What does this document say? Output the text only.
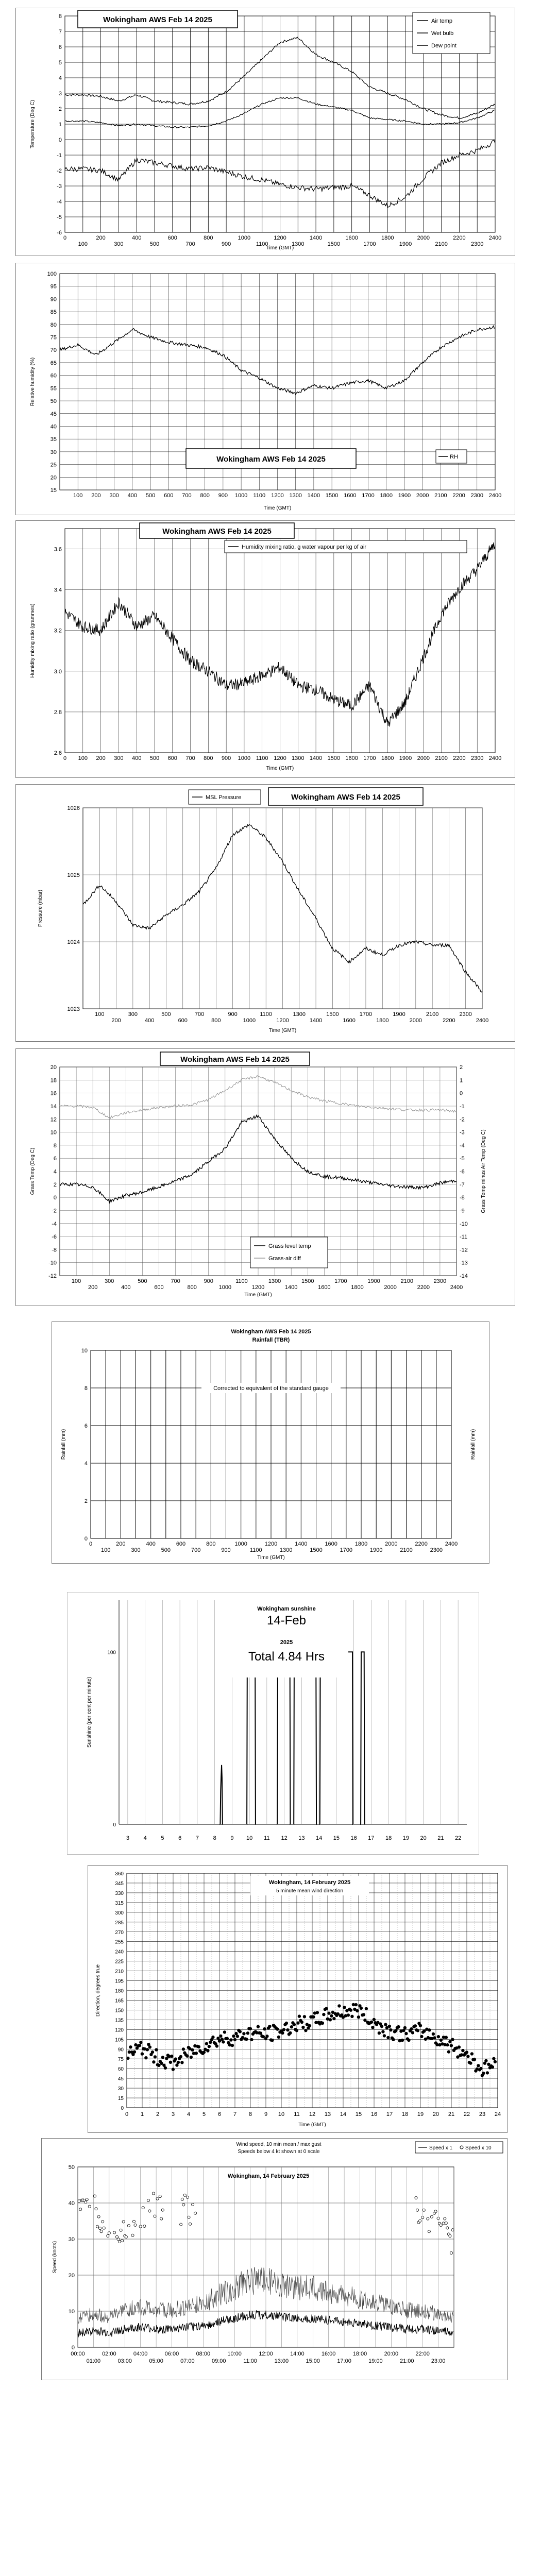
0
100
200
300
400
500
600
700
800
900
1000
1100
1200
1300
1400
1500
1600
1700
1800
1900
2000
2100
2200
2300
2400
-6
-5
-4
-3
-2
-1
0
1
2
3
4
5
6
7
8
Time (GMT)
Temperature (Deg C)
Wokingham AWS Feb 14 2025	Air temp
Wet bulb
Dew point
100 200 300 400 500 600 700 800 900 1000 1100 1200 1300 1400 1500 1600 1700 1800 1900 2000 2100 2200 2300 2400
15
20
25
30
35
40
45
50
55
60
65
70
75
80
85
90
95
100
Time (GMT)
Relative humidity (%)
Wokingham AWS Feb 14 2025	RH
0 100 200 300 400 500 600 700 800 900 1000 1100 1200 1300 1400 1500 1600 1700 1800 1900 2000 2100 2200 2300 2400
2.6
2.8
3.0
3.2
3.4
3.6
Time (GMT)
Humidity mixing ratio (grammes)
Wokingham AWS Feb 14 2025
Humidity mixing ratio, g water vapour per kg of air
100
200
300
400
500
600
700
800
900
1000
1100
1200
1300
1400
1500
1600
1700
1800
1900
2000
2100
2200
2300
2400
1023
1024
1025
1026
Time (GMT)
Pressure (mbar)
MSL Pressure	Wokingham AWS Feb 14 2025
100
200
300
400
500
600
700
800
900
1000
1100
1200
1300
1400
1500
1600
1700
1800
1900
2000
2100
2200
2300
2400
-12
-10
-8
-6
-4
-2
0
2
4
6
8
10
12
14
16
18
20
-14
-13
-12
-11
-10
-9
-8
-7
-6
-5
-4
-3
-2
-1
0
1
2
Time (GMT)
Grass Temp (Deg C)	Grass Temp minus Air Temp (Deg C)
Wokingham AWS Feb 14 2025
Grass level temp
Grass-air diff
0
100
200
300
400
500
600
700
800
900
1000
1100
1200
1300
1400
1500
1600
1700
1800
1900
2000
2100
2200
2300
2400
0
2
4
6
8
10
Time (GMT)
Rainfall (mm)	Rainfall (mm)
Wokingham AWS Feb 14 2025
Rainfall (TBR)
Corrected to equivalent of the standard gauge
3	4	5	6	7	8	9 10 11 12 13 14 15 16 17 18 19 20 21 22
0
100
Sunshine (per cent per minute)
Wokingham sunshine
14-Feb
2025
Total 4.84 Hrs
0
15
30
45
60
75
90
105
120
135
150
165
180
195
210
225
240
255
270
285
300
315
330
345
360
0 1 2 3 4 5 6 7 8 9 10 11 12 13 14 15 16 17 18 19 20 21 22 23 24
Time (GMT)
Direction, degrees true
Wokingham, 14 February 2025
5 minute mean wind direction
0
10
20
30
40
50
00:00
01:00
02:00
03:00
04:00
05:00
06:00
07:00
08:00
09:00
10:00
11:00
12:00
13:00
14:00
15:00
16:00
17:00
18:00
19:00
20:00
21:00
22:00
23:00
Speed (knots)
Wind speed, 10 min mean / max gust
Speeds below 4 kt shown at 0 scale
Wokingham, 14 February 2025
Speed x 1 Speed x 10
